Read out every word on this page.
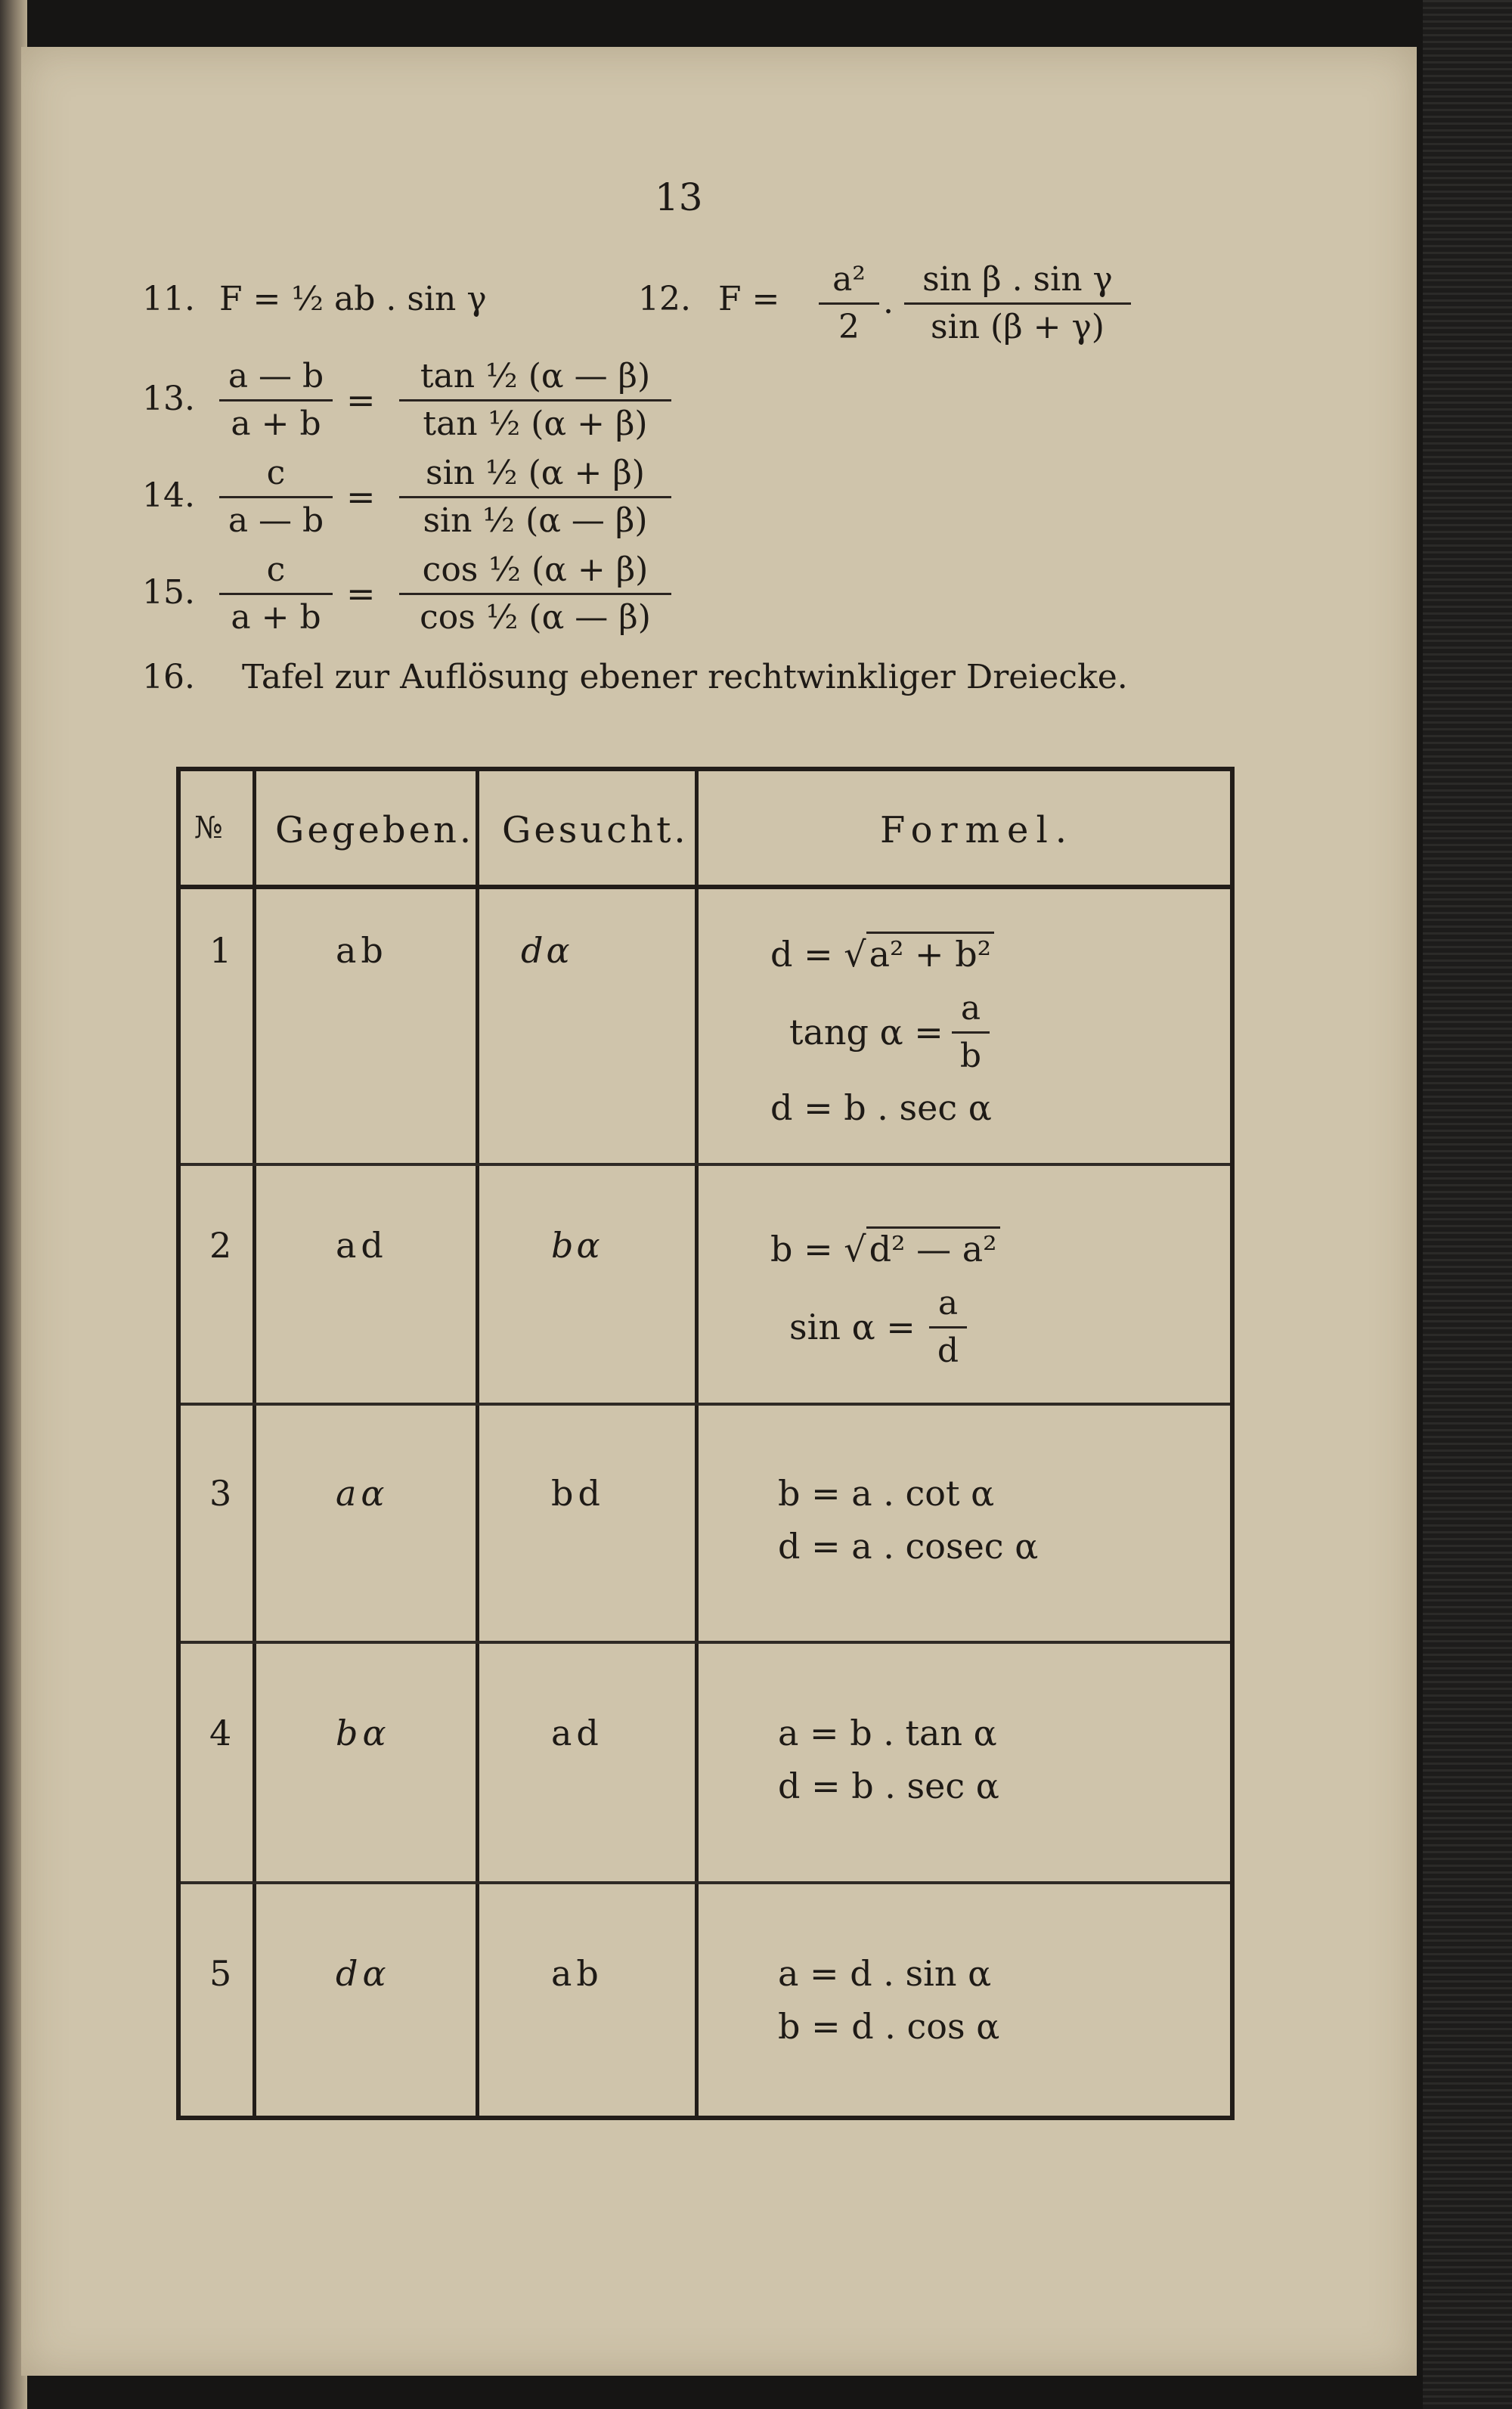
13
11. F = ½ ab . sin γ	12. F =
a²
2
.
sin β . sin γ
sin (β + γ)
13.
a — b
a + b
=
tan ½ (α — β)
tan ½ (α + β)
14.
c
a — b
=
sin ½ (α + β)
sin ½ (α — β)
15.
c
a + b
=
cos ½ (α + β)
cos ½ (α — β)
16. Tafel zur Auflösung ebener rechtwinkliger Dreiecke.
№ Gegeben. Gesucht.	Formel.
1	ab	dα	d = √a² + b²
tang α =
a
b
d = b . sec α
2	ad	bα	b = √d² — a²
sin α =
a
d
3	aα	bd	b = a . cot α
d = a . cosec α
4	bα	ad	a = b . tan α
d = b . sec α
5	dα	ab	a = d . sin α
b = d . cos α
